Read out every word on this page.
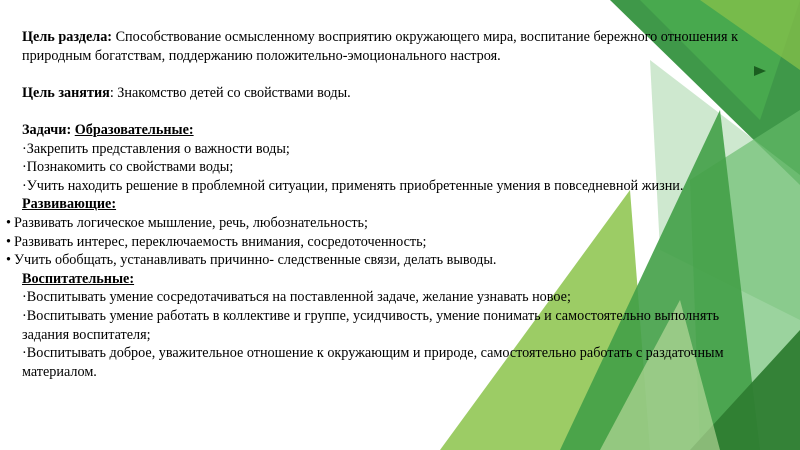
Цель раздела: Способствование осмысленному восприятию окружающего мира, воспитание бережного отношения к природным богатствам, поддержанию положительно-эмоционального настроя.

Цель занятия: Знакомство детей со свойствами воды.

Задачи: Образовательные:

·Закрепить представления о важности воды;

·Познакомить со свойствами воды;

·Учить находить решение в проблемной ситуации, применять приобретенные умения в повседневной жизни.

Развивающие:

• Развивать логическое мышление, речь, любознательность;

• Развивать интерес, переключаемость внимания, сосредоточенность;

• Учить обобщать, устанавливать причинно- следственные связи, делать выводы.

Воспитательные:

·Воспитывать умение сосредотачиваться на поставленной задаче, желание узнавать новое;

·Воспитывать умение работать в коллективе и группе, усидчивость, умение понимать и самостоятельно выполнять задания воспитателя;

·Воспитывать доброе, уважительное отношение к окружающим и природе, самостоятельно работать с раздаточным материалом.
